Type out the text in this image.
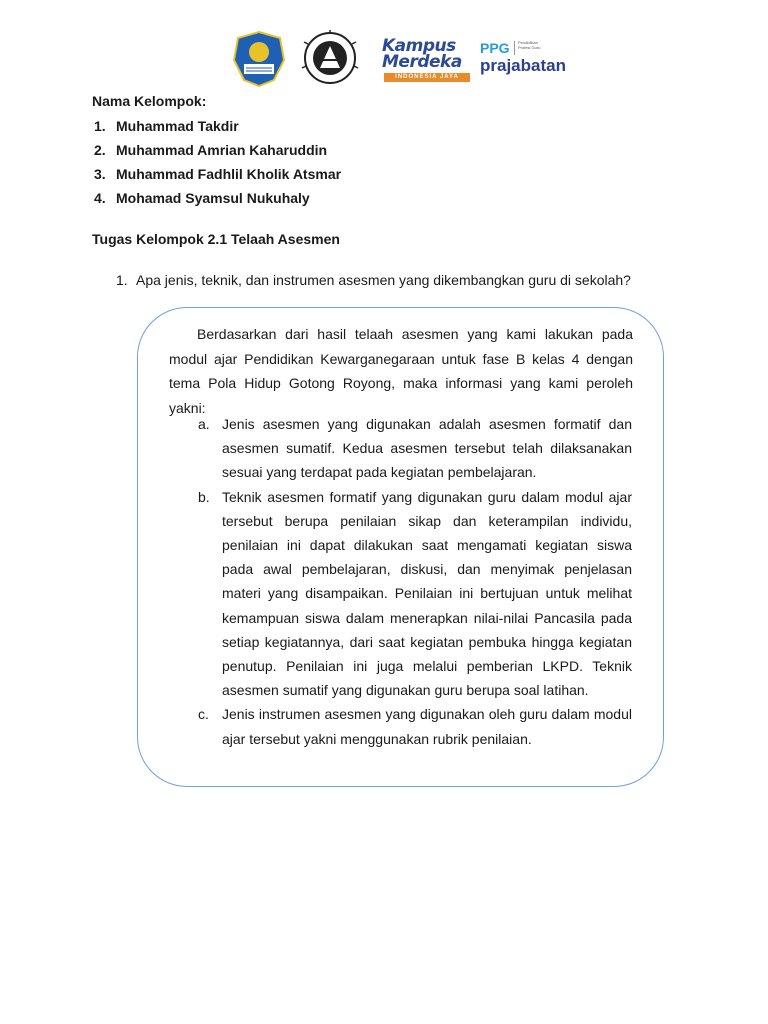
Kampus
Merdeka
INDONESIA JAYA
PPG Pendidikan Profesi Guru
prajabatan
Nama Kelompok:
1. Muhammad Takdir
2. Muhammad Amrian Kaharuddin
3. Muhammad Fadhlil Kholik Atsmar
4. Mohamad Syamsul Nukuhaly
Tugas Kelompok 2.1 Telaah Asesmen
1. Apa jenis, teknik, dan instrumen asesmen yang dikembangkan guru di sekolah?

Berdasarkan dari hasil telaah asesmen yang kami lakukan pada modul ajar Pendidikan Kewarganegaraan untuk fase B kelas 4 dengan tema Pola Hidup Gotong Royong, maka informasi yang kami peroleh yakni:

a. Jenis asesmen yang digunakan adalah asesmen formatif dan asesmen sumatif. Kedua asesmen tersebut telah dilaksanakan sesuai yang terdapat pada kegiatan pembelajaran.
b. Teknik asesmen formatif yang digunakan guru dalam modul ajar tersebut berupa penilaian sikap dan keterampilan individu, penilaian ini dapat dilakukan saat mengamati kegiatan siswa pada awal pembelajaran, diskusi, dan menyimak penjelasan materi yang disampaikan. Penilaian ini bertujuan untuk melihat kemampuan siswa dalam menerapkan nilai-nilai Pancasila pada setiap kegiatannya, dari saat kegiatan pembuka hingga kegiatan penutup. Penilaian ini juga melalui pemberian LKPD. Teknik asesmen sumatif yang digunakan guru berupa soal latihan.
c. Jenis instrumen asesmen yang digunakan oleh guru dalam modul ajar tersebut yakni menggunakan rubrik penilaian.
